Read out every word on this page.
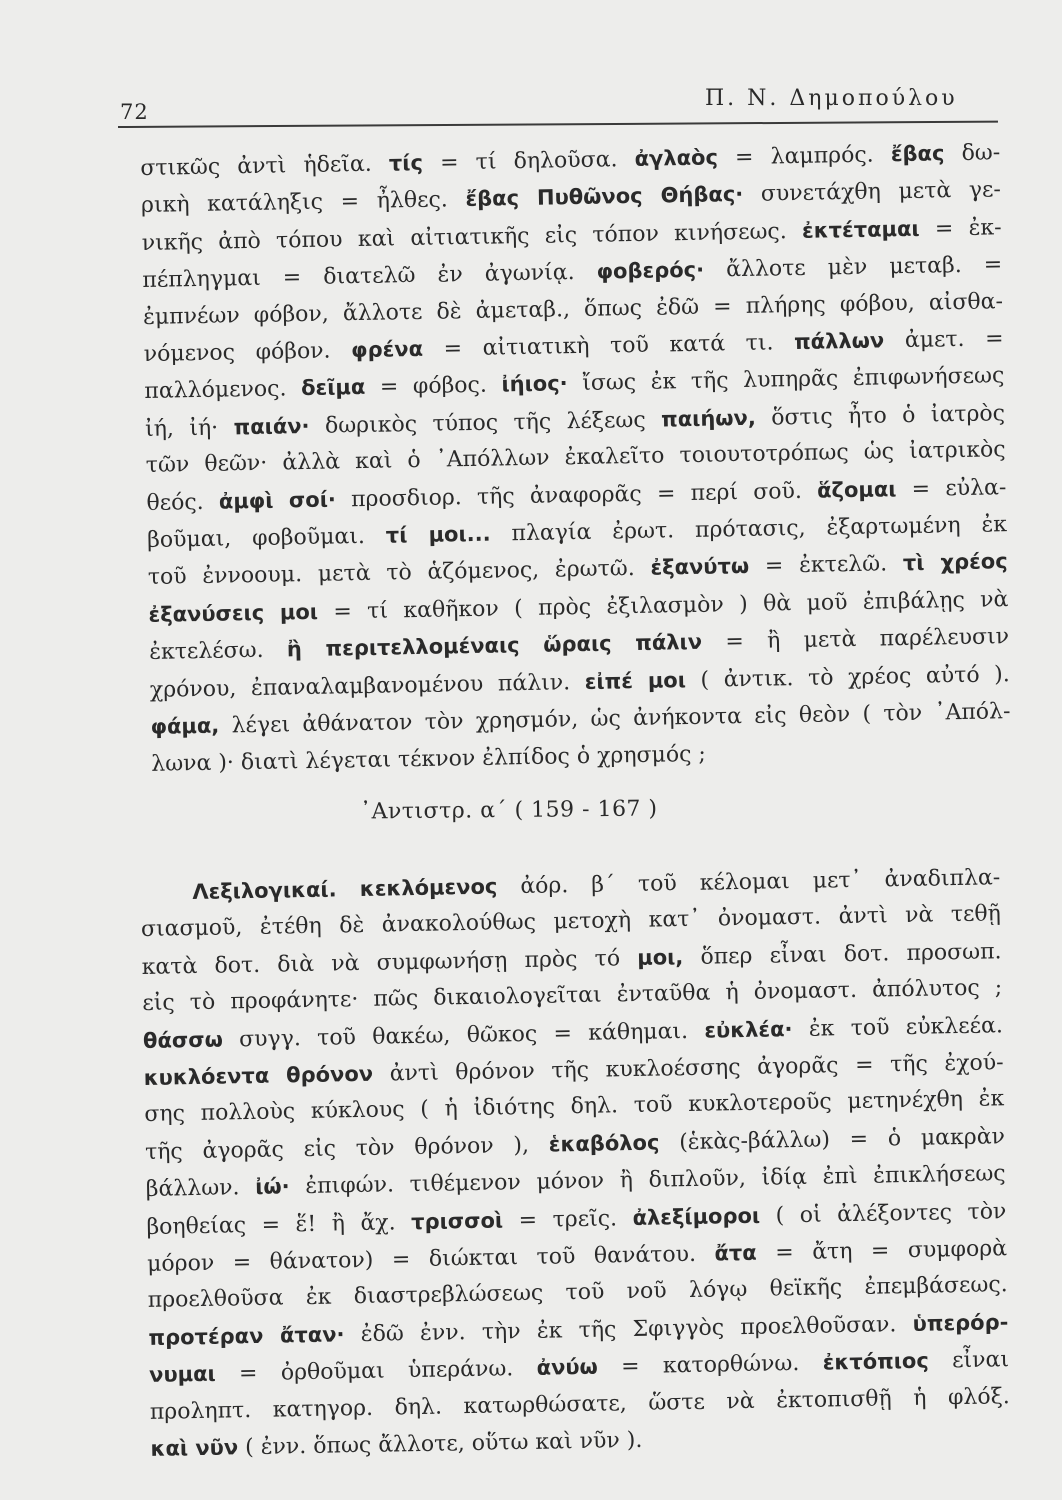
72
Π. Ν. Δημοπούλου
στικῶς ἀντὶ ἡδεῖα. τίς = τί δηλοῦσα. ἀγλαὸς = λαμπρός. ἔβας δω-
ρικὴ κατάληξις = ἦλθες. ἔβας Πυθῶνος Θήβας· συνετάχθη μετὰ γε-
νικῆς ἀπὸ τόπου καὶ αἰτιατικῆς εἰς τόπον κινήσεως. ἐκτέταμαι = ἐκ-
πέπληγμαι = διατελῶ ἐν ἀγωνίᾳ. φοβερός· ἄλλοτε μὲν μεταβ. =
ἐμπνέων φόβον, ἄλλοτε δὲ ἀμεταβ., ὅπως ἐδῶ = πλήρης φόβου, αἰσθα-
νόμενος φόβον. φρένα = αἰτιατικὴ τοῦ κατά τι. πάλλων ἀμετ. =
παλλόμενος. δεῖμα = φόβος. ἰήιος· ἴσως ἐκ τῆς λυπηρᾶς ἐπιφωνήσεως
ἰή, ἰή· παιάν· δωρικὸς τύπος τῆς λέξεως παιήων, ὅστις ἦτο ὁ ἰατρὸς
τῶν θεῶν· ἀλλὰ καὶ ὁ ᾽Απόλλων ἐκαλεῖτο τοιουτοτρόπως ὡς ἰατρικὸς
θεός. ἀμφὶ σοί· προσδιορ. τῆς ἀναφορᾶς = περί σοῦ. ἅζομαι = εὐλα-
βοῦμαι, φοβοῦμαι. τί μοι... πλαγία ἐρωτ. πρότασις, ἐξαρτωμένη ἐκ
τοῦ ἐννοουμ. μετὰ τὸ ἁζόμενος, ἐρωτῶ. ἐξανύτω = ἐκτελῶ. τὶ χρέος
ἐξανύσεις μοι = τί καθῆκον ( πρὸς ἐξιλασμὸν ) θὰ μοῦ ἐπιβάλῃς νὰ
ἐκτελέσω. ἢ περιτελλομέναις ὥραις πάλιν = ἢ μετὰ παρέλευσιν
χρόνου, ἐπαναλαμβανομένου πάλιν. εἰπέ μοι ( ἀντικ. τὸ χρέος αὐτό ).
φάμα, λέγει ἀθάνατον τὸν χρησμόν, ὡς ἀνήκοντα εἰς θεὸν ( τὸν ᾽Απόλ-
λωνα )· διατὶ λέγεται τέκνον ἐλπίδος ὁ χρησμός ;
᾽Αντιστρ. α΄ ( 159 - 167 )
Λεξιλογικαί. κεκλόμενος ἀόρ. β΄ τοῦ κέλομαι μετ᾽ ἀναδιπλα-
σιασμοῦ, ἐτέθη δὲ ἀνακολούθως μετοχὴ κατ᾽ ὀνομαστ. ἀντὶ νὰ τεθῇ
κατὰ δοτ. διὰ νὰ συμφωνήσῃ πρὸς τό μοι, ὅπερ εἶναι δοτ. προσωπ.
εἰς τὸ προφάνητε· πῶς δικαιολογεῖται ἐνταῦθα ἡ ὀνομαστ. ἀπόλυτος ;
θάσσω συγγ. τοῦ θακέω, θῶκος = κάθημαι. εὐκλέα· ἐκ τοῦ εὐκλεέα.
κυκλόεντα θρόνον ἀντὶ θρόνον τῆς κυκλοέσσης ἀγορᾶς = τῆς ἐχού-
σης πολλοὺς κύκλους ( ἡ ἰδιότης δηλ. τοῦ κυκλοτεροῦς μετηνέχθη ἐκ
τῆς ἀγορᾶς εἰς τὸν θρόνον ), ἑκαβόλος (ἑκὰς-βάλλω) = ὁ μακρὰν
βάλλων. ἰώ· ἐπιφών. τιθέμενον μόνον ἢ διπλοῦν, ἰδίᾳ ἐπὶ ἐπικλήσεως
βοηθείας = ἕ! ἢ ἄχ. τρισσοὶ = τρεῖς. ἀλεξίμοροι ( οἱ ἀλέξοντες τὸν
μόρον = θάνατον) = διώκται τοῦ θανάτου. ἄτα = ἄτη = συμφορὰ
προελθοῦσα ἐκ διαστρεβλώσεως τοῦ νοῦ λόγῳ θεϊκῆς ἐπεμβάσεως.
προτέραν ἄταν· ἐδῶ ἐνν. τὴν ἐκ τῆς Σφιγγὸς προελθοῦσαν. ὑπερόρ-
νυμαι = ὀρθοῦμαι ὑπεράνω. ἀνύω = κατορθώνω. ἐκτόπιος εἶναι
προληπτ. κατηγορ. δηλ. κατωρθώσατε, ὥστε νὰ ἐκτοπισθῇ ἡ φλόξ.
καὶ νῦν ( ἐνν. ὅπως ἄλλοτε, οὕτω καὶ νῦν ).
